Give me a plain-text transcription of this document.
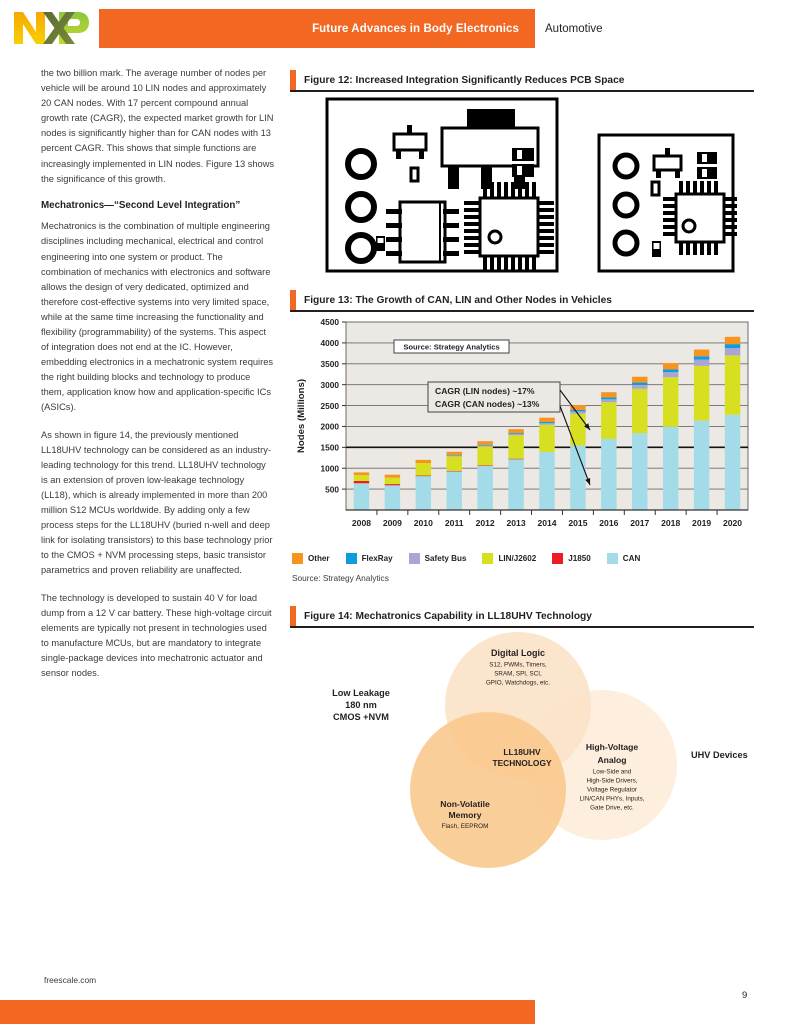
Future Advances in Body Electronics Automotive

the two billion mark. The average number of nodes per vehicle will be around 10 LIN nodes and approximately 20 CAN nodes. With 17 percent compound annual growth rate (CAGR), the expected market growth for LIN nodes is significantly higher than for CAN nodes with 13 percent CAGR. This shows that simple functions are increasingly implemented in LIN nodes. Figure 13 shows the significance of this growth.

Mechatronics—“Second Level Integration”

Mechatronics is the combination of multiple engineering disciplines including mechanical, electrical and control engineering into one system or product. The combination of mechanics with electronics and software allows the design of very dedicated, optimized and therefore cost-effective systems into very limited space, while at the same time increasing the functionality and flexibility (programmability) of the systems. This aspect of integration does not end at the IC. However, embedding electronics in a mechatronic system requires the right building blocks and technology to produce them, application know how and application-specific ICs (ASICs).

As shown in figure 14, the previously mentioned LL18UHV technology can be considered as an industry-leading technology for this trend. LL18UHV technology is an extension of proven low-leakage technology (LL18), which is already implemented in more than 200 million S12 MCUs worldwide. By adding only a few process steps for the LL18UHV (buried n-well and deep link for isolating transistors) to this base technology prior to the CMOS + NVM processing steps, basic transistor parametrics and proven reliability are unaffected.

The technology is developed to sustain 40 V for load dump from a 12 V car battery. These high-voltage circuit elements are typically not present in technologies used to manufacture MCUs, but are mandatory to integrate single-package devices into mechatronic actuator and sensor nodes.

Figure 12: Increased Integration Significantly Reduces PCB Space
Figure 13: The Growth of CAN, LIN and Other Nodes in Vehicles
500
1000
1500
2000
2500
3000
3500
4000
4500
Nodes (Millions)
2008 2009 2010 2011 2012 2013 2014 2015 2016 2017 2018 2019 2020
Source: Strategy Analytics
CAGR (LIN nodes) ~17%
CAGR (CAN nodes) ~13%
Other	FlexRay	Safety Bus	LIN/J2602	J1850	CAN
Source: Strategy Analytics
Figure 14: Mechatronics Capability in LL18UHV Technology
Low Leakage
180 nm
CMOS +NVM
UHV Devices
Digital Logic
S12, PWMs, Timers,
SRAM, SPI, SCI,
GPIO, Watchdogs, etc.
Non-Volatile
Memory
Flash, EEPROM
High-Voltage
Analog
Low-Side and
High-Side Drivers,
Voltage Regulator
LIN/CAN PHYs, Inputs,
Gate Drive, etc.
LL18UHV
TECHNOLOGY
freescale.com
9
